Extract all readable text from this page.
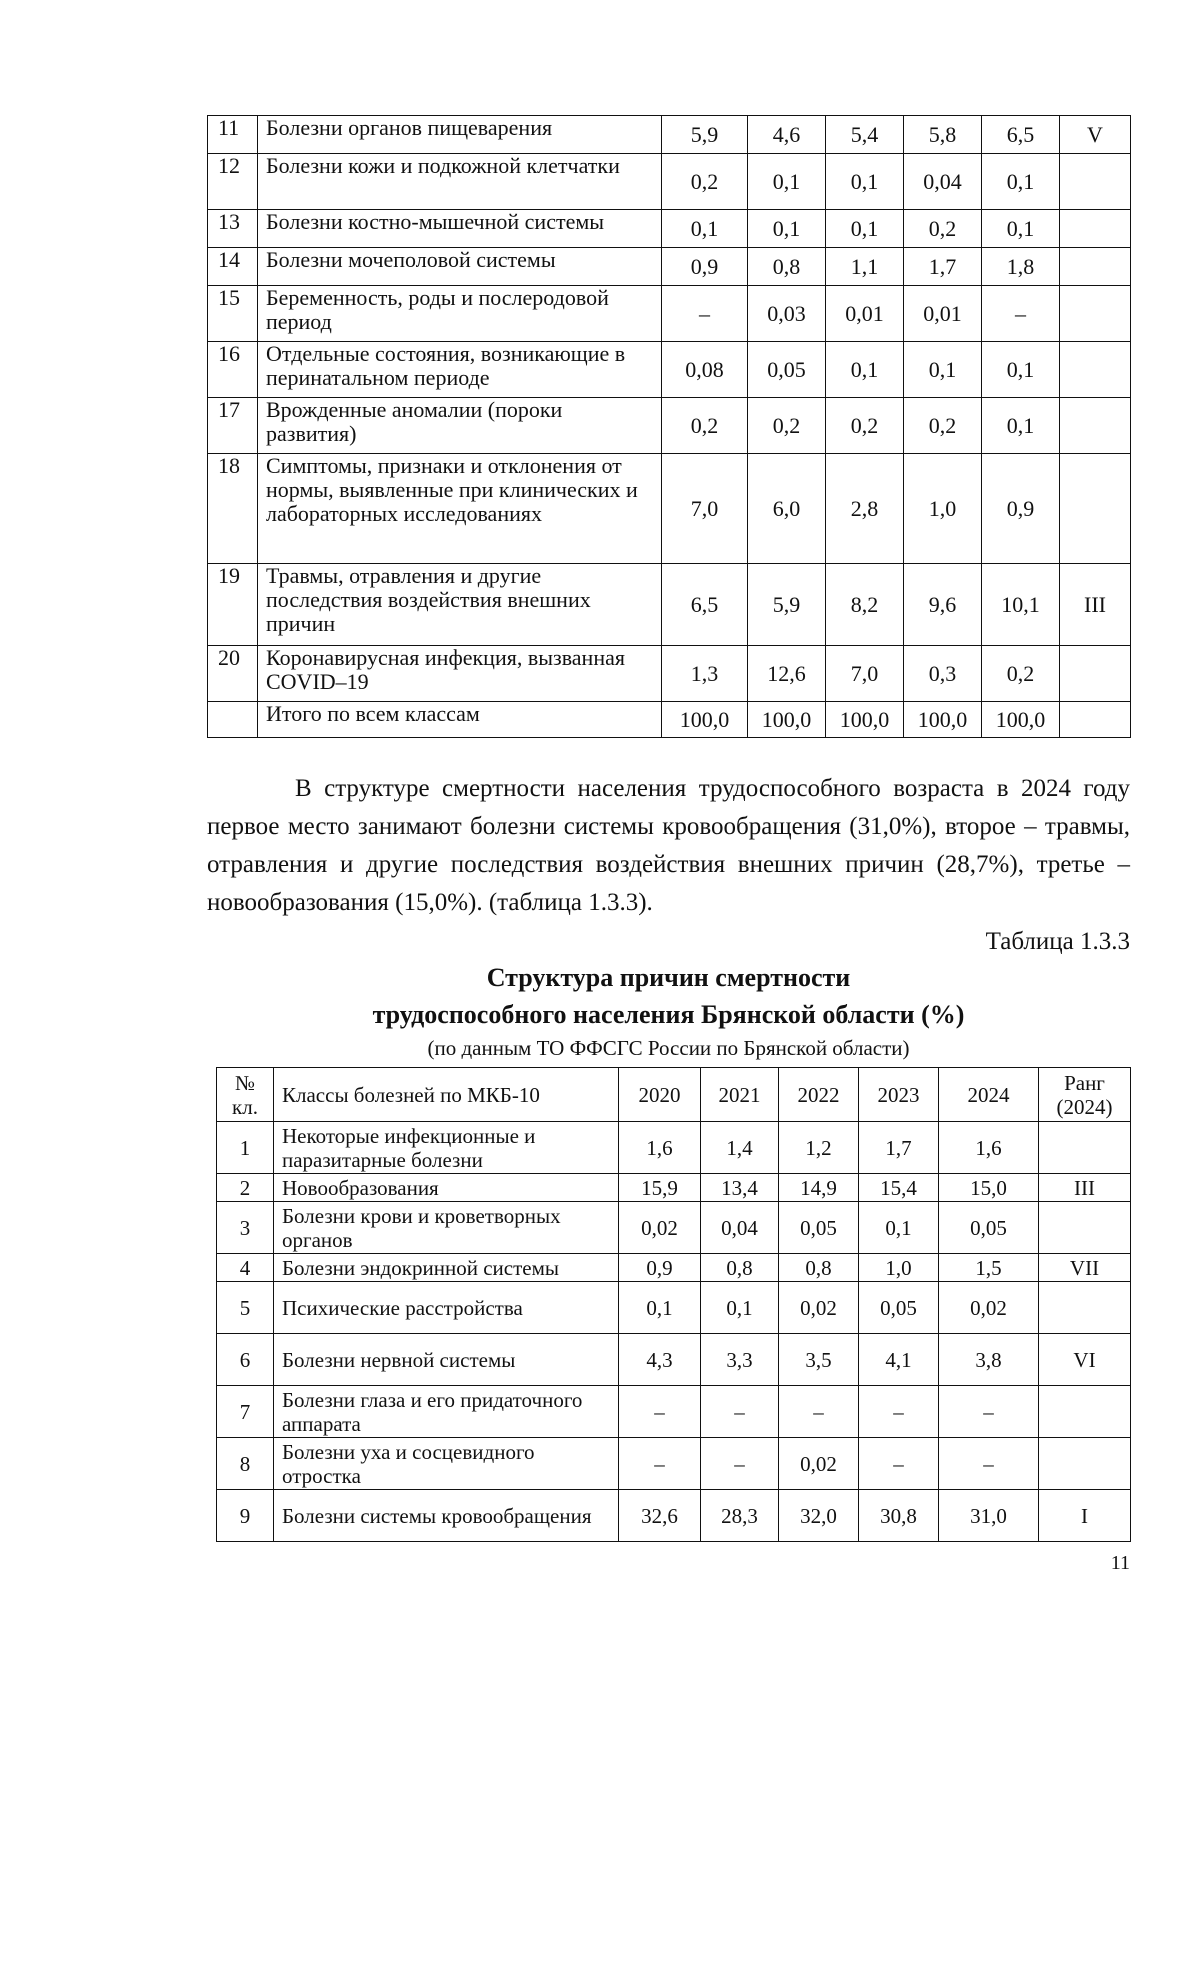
11	Болезни органов пищеварения	5,9	4,6	5,4	5,8	6,5	V
12	Болезни кожи и подкожной клетчатки	0,2	0,1	0,1	0,04	0,1	
13	Болезни костно-мышечной системы	0,1	0,1	0,1	0,2	0,1	
14	Болезни мочеполовой системы	0,9	0,8	1,1	1,7	1,8	
15	Беременность, роды и послеродовой период	–	0,03	0,01	0,01	–	
16	Отдельные состояния, возникающие в перинатальном периоде	0,08	0,05	0,1	0,1	0,1	
17	Врожденные аномалии (пороки развития)	0,2	0,2	0,2	0,2	0,1	
18	Симптомы, признаки и отклонения от нормы, выявленные при клинических и лабораторных исследованиях	7,0	6,0	2,8	1,0	0,9	
19	Травмы, отравления и другие последствия воздействия внешних причин	6,5	5,9	8,2	9,6	10,1	III
20	Коронавирусная инфекция, вызванная COVID–19	1,3	12,6	7,0	0,3	0,2	
	Итого по всем классам	100,0	100,0	100,0	100,0	100,0	
В структуре смертности населения трудоспособного возраста в 2024 году первое место занимают болезни системы кровообращения (31,0%), второе – травмы, отравления и другие последствия воздействия внешних причин (28,7%), третье – новообразования (15,0%). (таблица 1.3.3).
Таблица 1.3.3
Структура причин смертности
трудоспособного населения Брянской области (%)
(по данным ТО ФФСГС России по Брянской области)
№ кл.	Классы болезней по МКБ-10	2020	2021	2022	2023	2024	Ранг (2024)
1	Некоторые инфекционные и паразитарные болезни	1,6	1,4	1,2	1,7	1,6	
2	Новообразования	15,9	13,4	14,9	15,4	15,0	III
3	Болезни крови и кроветворных органов	0,02	0,04	0,05	0,1	0,05	
4	Болезни эндокринной системы	0,9	0,8	0,8	1,0	1,5	VII
5	Психические расстройства	0,1	0,1	0,02	0,05	0,02	
6	Болезни нервной системы	4,3	3,3	3,5	4,1	3,8	VI
7	Болезни глаза и его придаточного аппарата	–	–	–	–	–	
8	Болезни уха и сосцевидного отростка	–	–	0,02	–	–	
9	Болезни системы кровообращения	32,6	28,3	32,0	30,8	31,0	I
11
